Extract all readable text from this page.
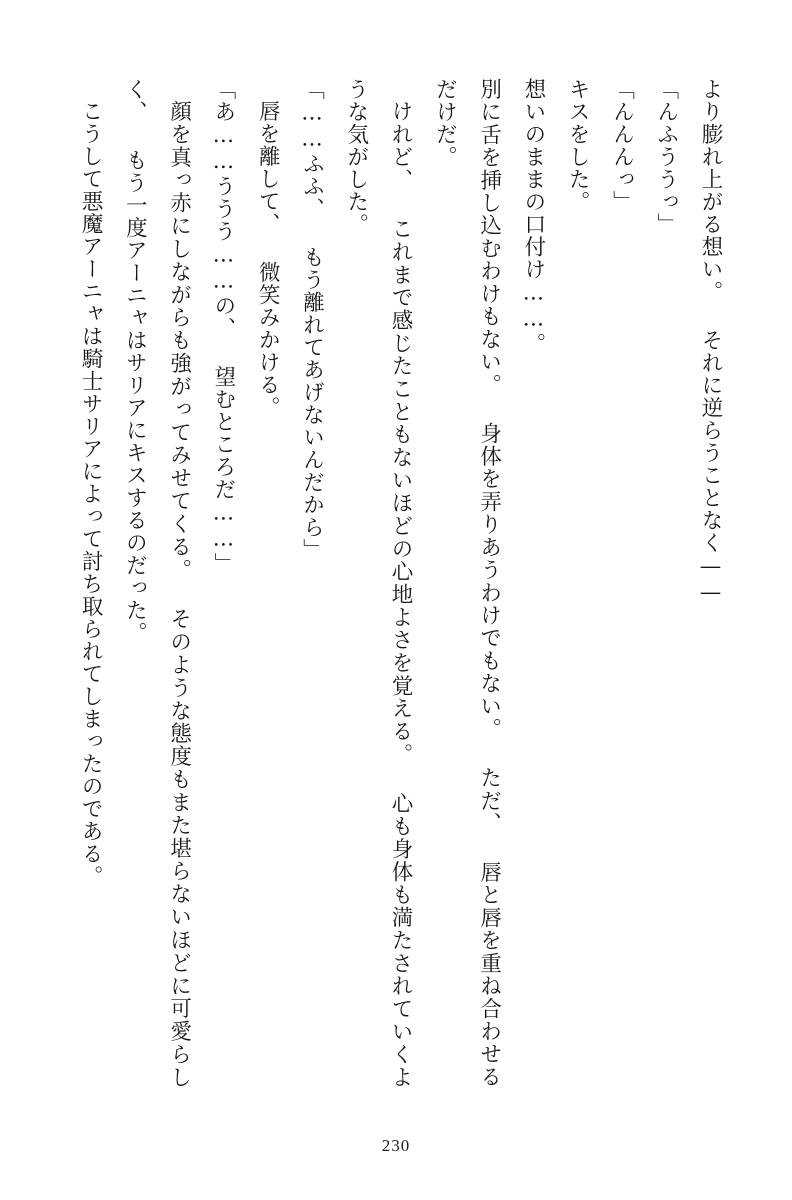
より膨れ上がる想い。 それに逆らうことなく——

「んふううっ」

「んんんっ」

キスをした。

想いのままの口付け……。

別に舌を挿し込むわけもない。 身体を弄りあうわけでもない。 ただ、 唇と唇を重ね合わせるだけだ。

けれど、 これまで感じたこともないほどの心地よさを覚える。 心も身体も満たされていくような気がした。

「……ふふ、 もう離れてあげないんだから」

唇を離して、 微笑みかける。

「あ……ううう……の、 望むところだ……」

顔を真っ赤にしながらも強がってみせてくる。 そのような態度もまた堪らないほどに可愛らしく、 もう一度アーニャはサリアにキスするのだった。

こうして悪魔アーニャは騎士サリアによって討ち取られてしまったのである。

230
